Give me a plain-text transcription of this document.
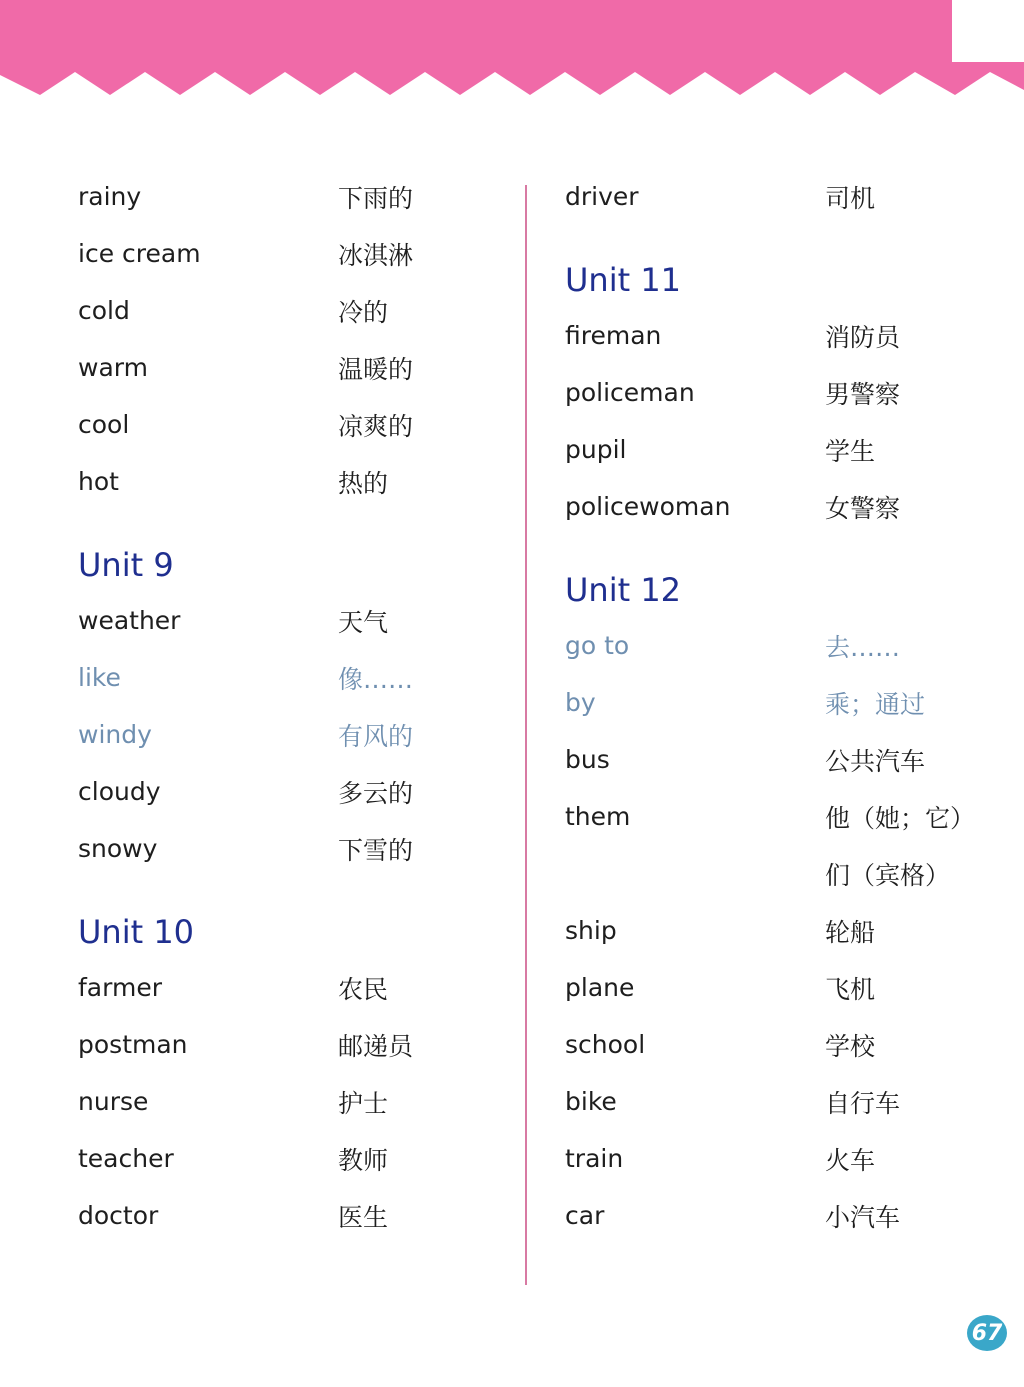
rainy	下雨的
ice cream	冰淇淋
cold	冷的
warm	温暖的
cool	凉爽的
hot	热的
Unit 9
weather	天气
like	像……
windy	有风的
cloudy	多云的
snowy	下雪的
Unit 10
farmer	农民
postman	邮递员
nurse	护士
teacher	教师
doctor	医生
driver	司机
Unit 11
fireman	消防员
policeman	男警察
pupil	学生
policewoman	女警察
Unit 12
go to	去……
by	乘；通过
bus	公共汽车
them	他（她；它）
们（宾格）
ship	轮船
plane	飞机
school	学校
bike	自行车
train	火车
car	小汽车
67
